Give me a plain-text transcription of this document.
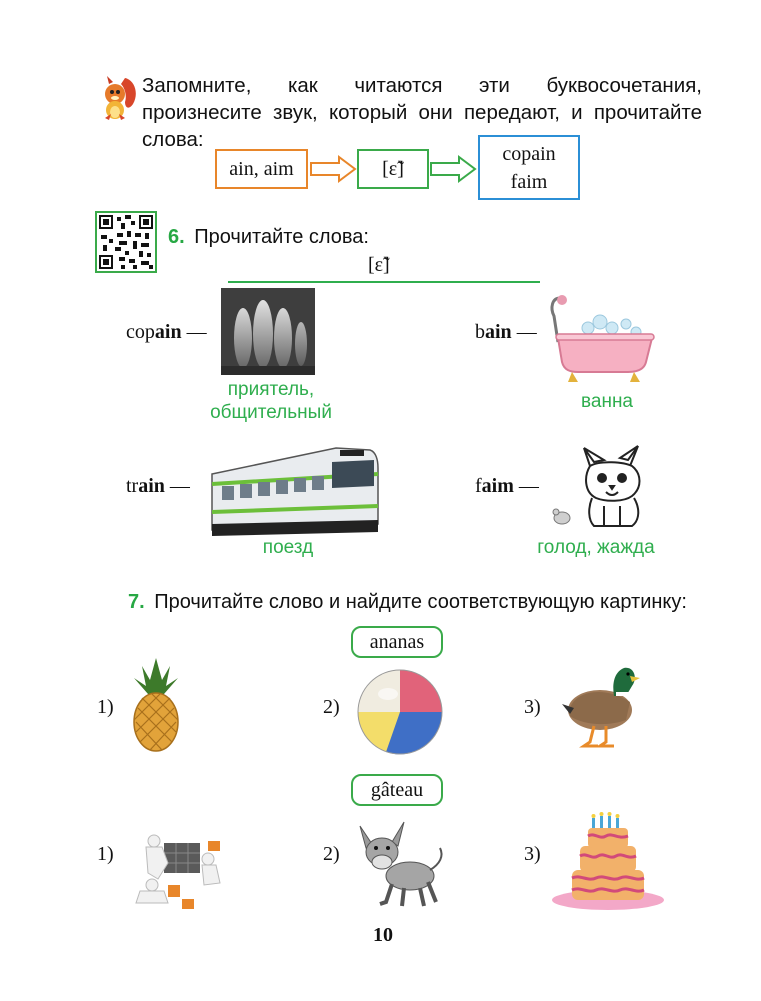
Запомните, как читаются эти буквосочетания, произнесите звук, который они передают, и прочитайте слова:
ain, aim	[ɛ̃]
copain
faim
6. Прочитайте слова:
[ɛ̃]
copain —
приятель,
общительный
bain —
ванна
train —
поезд
faim —
голод, жажда
7. Прочитайте слово и найдите соответствующую картинку:
ananas
1)	2)	3)
gâteau
1)	2)	3)
10
